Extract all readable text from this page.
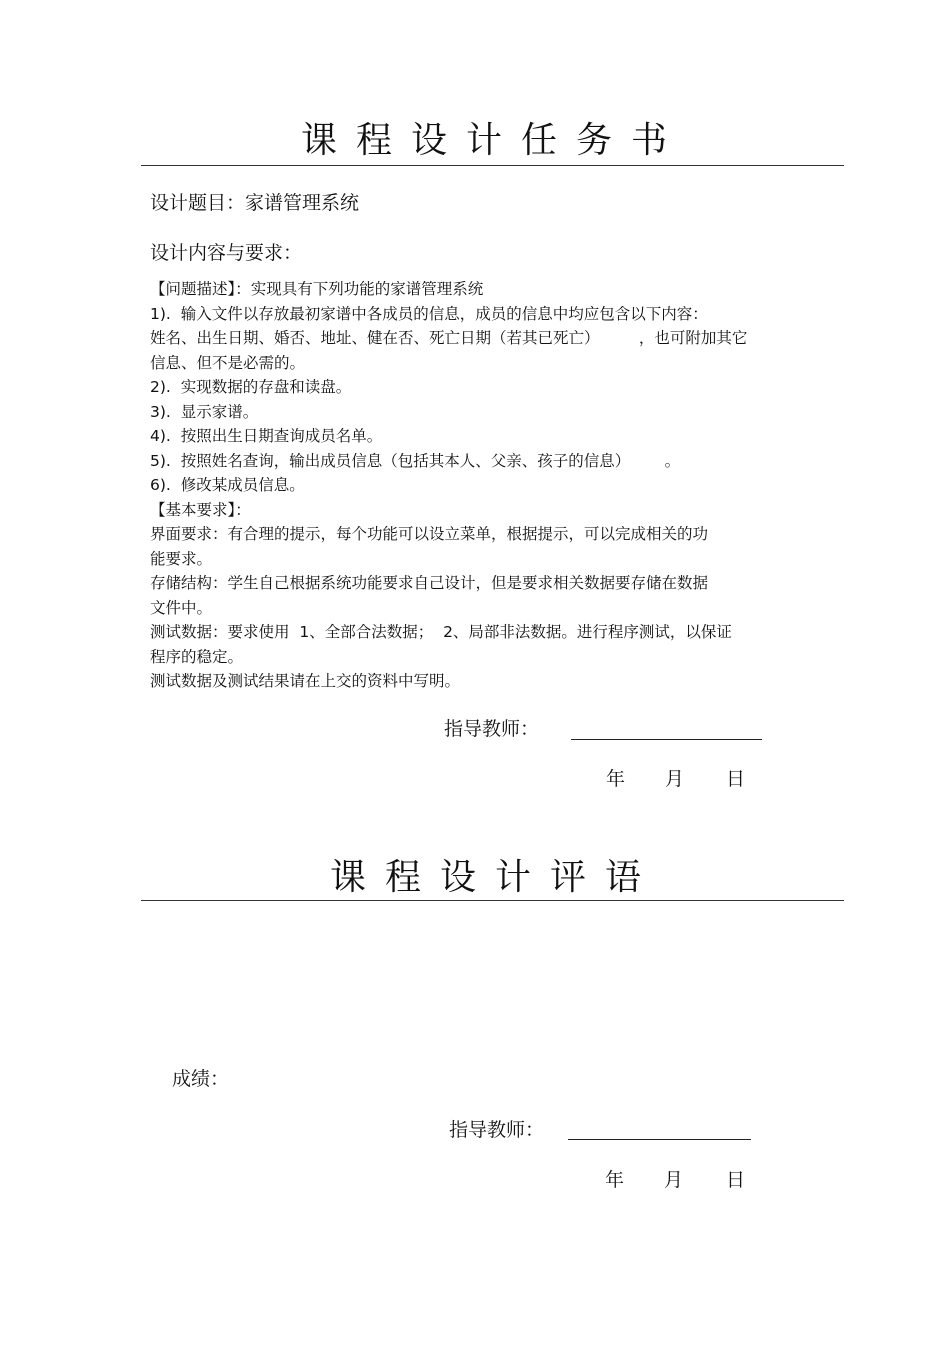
课程设计任务书
设计题目：家谱管理系统
设计内容与要求：
【问题描述】：实现具有下列功能的家谱管理系统
1).  输入文件以存放最初家谱中各成员的信息，成员的信息中均应包含以下内容：
姓名、出生日期、婚否、地址、健在否、死亡日期（若其已死亡）        ，也可附加其它
信息、但不是必需的。
2).  实现数据的存盘和读盘。
3).  显示家谱。
4).  按照出生日期查询成员名单。
5).  按照姓名查询，输出成员信息（包括其本人、父亲、孩子的信息）       。
6).  修改某成员信息。
【基本要求】：
界面要求：有合理的提示，每个功能可以设立菜单，根据提示，可以完成相关的功
能要求。
存储结构：学生自己根据系统功能要求自己设计，但是要求相关数据要存储在数据
文件中。
测试数据：要求使用  1、全部合法数据；  2、局部非法数据。进行程序测试，以保证
程序的稳定。
测试数据及测试结果请在上交的资料中写明。
指导教师：
年 月 日
课程设计评语
成绩：
指导教师：
年 月 日
